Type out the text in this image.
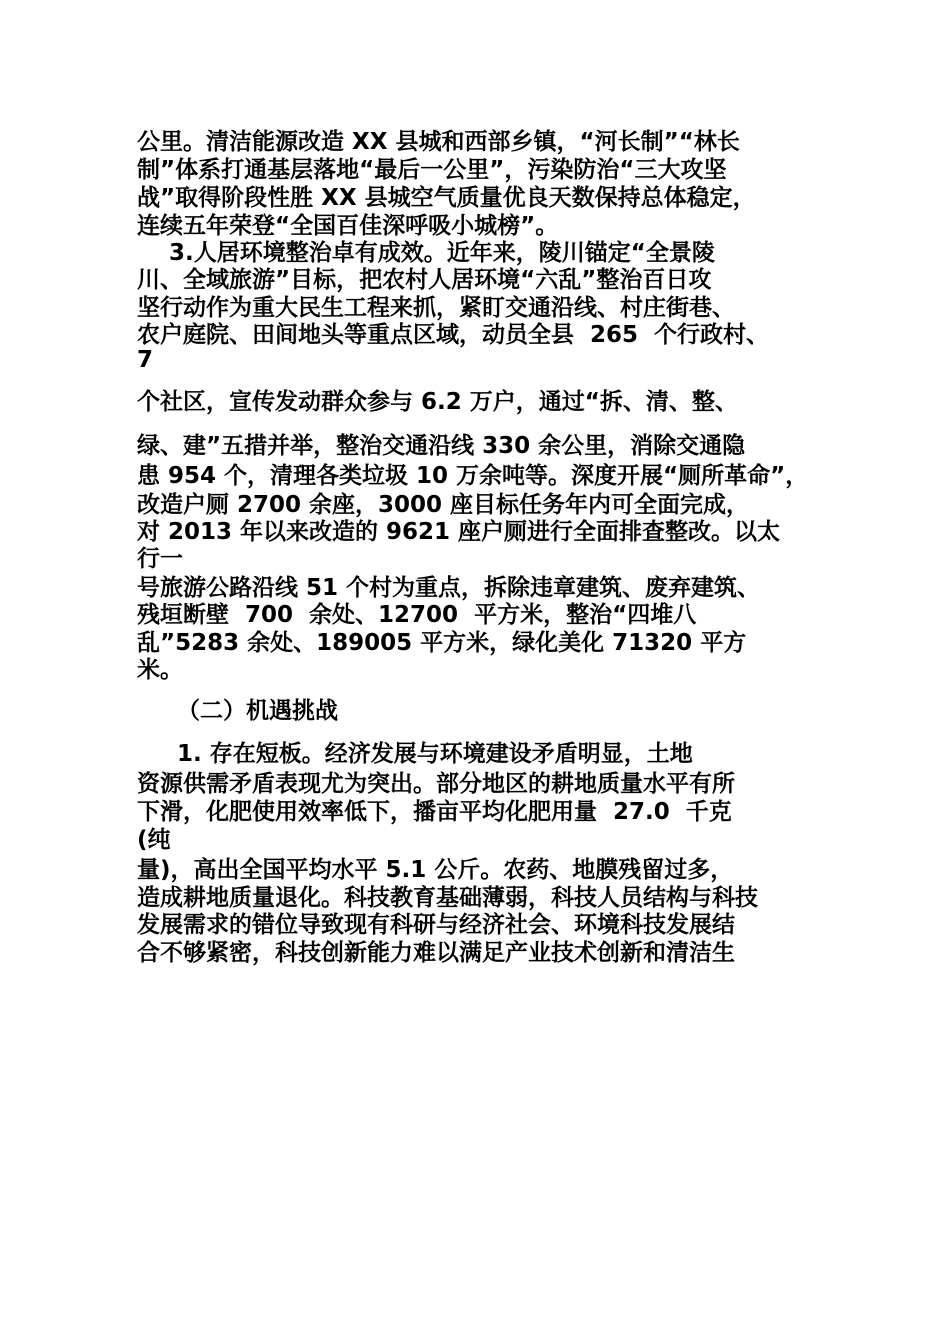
公里。清洁能源改造 XX 县城和西部乡镇，“河长制”“林长

制”体系打通基层落地“最后一公里”，污染防治“三大攻坚

战”取得阶段性胜 XX 县城空气质量优良天数保持总体稳定，

连续五年荣登“全国百佳深呼吸小城榜”。

3.人居环境整治卓有成效。近年来，陵川锚定“全景陵

川、全域旅游”目标，把农村人居环境“六乱”整治百日攻

坚行动作为重大民生工程来抓，紧盯交通沿线、村庄街巷、

农户庭院、田间地头等重点区域，动员全县  265  个行政村、

7

个社区，宣传发动群众参与 6.2 万户，通过“拆、清、整、

绿、建”五措并举，整治交通沿线 330 余公里，消除交通隐

患 954 个，清理各类垃圾 10 万余吨等。深度开展“厕所革命”，

改造户厕 2700 余座，3000 座目标任务年内可全面完成，

对 2013 年以来改造的 9621 座户厕进行全面排查整改。以太

行一

号旅游公路沿线 51 个村为重点，拆除违章建筑、废弃建筑、

残垣断壁  700  余处、12700  平方米，整治“四堆八

乱”5283 余处、189005 平方米，绿化美化 71320 平方

米。

（二）机遇挑战

1. 存在短板。经济发展与环境建设矛盾明显，土地

资源供需矛盾表现尤为突出。部分地区的耕地质量水平有所

下滑，化肥使用效率低下，播亩平均化肥用量  27.0  千克

(纯

量)，高出全国平均水平 5.1 公斤。农药、地膜残留过多，

造成耕地质量退化。科技教育基础薄弱，科技人员结构与科技

发展需求的错位导致现有科研与经济社会、环境科技发展结

合不够紧密，科技创新能力难以满足产业技术创新和清洁生
